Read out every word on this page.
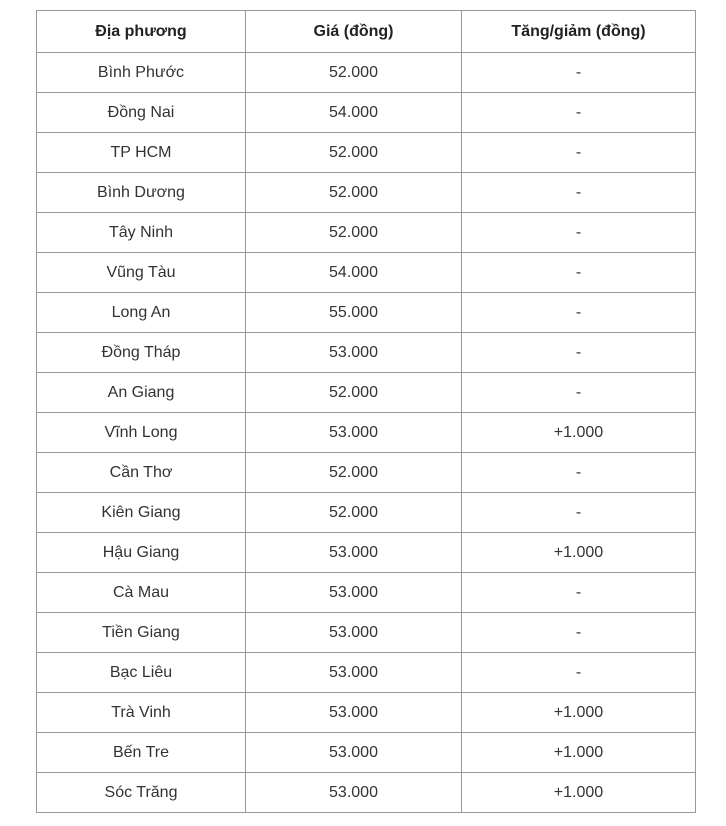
Địa phương	Giá (đồng)	Tăng/giảm (đồng)
Bình Phước	52.000	-
Đồng Nai	54.000	-
TP HCM	52.000	-
Bình Dương	52.000	-
Tây Ninh	52.000	-
Vũng Tàu	54.000	-
Long An	55.000	-
Đồng Tháp	53.000	-
An Giang	52.000	-
Vĩnh Long	53.000	+1.000
Cần Thơ	52.000	-
Kiên Giang	52.000	-
Hậu Giang	53.000	+1.000
Cà Mau	53.000	-
Tiền Giang	53.000	-
Bạc Liêu	53.000	-
Trà Vinh	53.000	+1.000
Bến Tre	53.000	+1.000
Sóc Trăng	53.000	+1.000
